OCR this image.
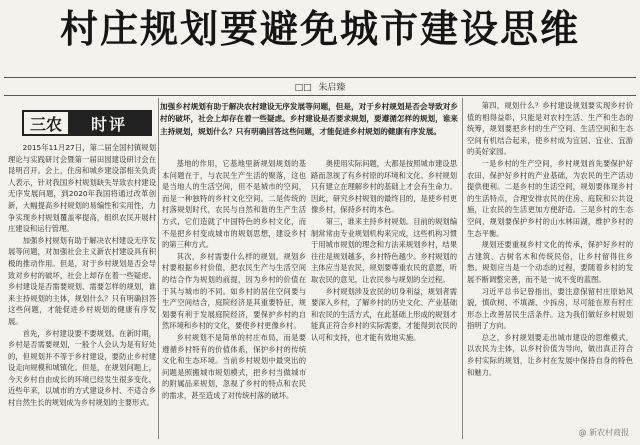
村庄规划要避免城市建设思维
□□ 朱启臻
三农	时评
加强乡村规划有助于解决农村建设无序发展等问题，但是，对于乡村规划是否会导致对乡村的破坏，社会上却存在着一些疑虑。乡村建设是否要求规划，要遵循怎样的规划，谁来主持规划，规划什么？只有明确回答这些问题，才能促进乡村规划的健康有序发展。

2015年11月27日，第二届全国村镇规划理论与实践研讨会暨第一届田园建设研讨会在昆明召开。会上，住房和城乡建设部相关负责人表示，针对我国乡村规划缺失导致农村建设无序发展问题，到2020年我国将通过改革创新，大幅提高乡村规划的易编性和实用性，力争实现乡村规划覆盖率提高，组织农民开展村庄建设和运行管理。

加强乡村规划有助于解决农村建设无序发展等问题，对加强社会主义新农村建设具有积极的推动作用。但是，对于乡村规划是否会导致对乡村的破坏，社会上却存在着一些疑虑。乡村建设是否需要规划、需要怎样的规划，谁来主持规划的主体，规划什么？只有明确回答这些问题，才能促进乡村规划的健康有序发展。

首先，乡村建设要不要规划。在新时期，乡村是否需要规划，一般个人会认为是有好处的，但规划并不等于乡村建设，要防止乡村建设走向规模和城镇化。但是，在规划问题上，今天乡村自由成长的环境已经发生很多变化，近些年来，以城市的方式建设乡村、不适合乡村自然生长的规划成为乡村规划的主要形式。

基地的作用，它基地里新规划规划的基本问题在于，与农民生产生活的聚落，这也是当地人的生活空间，但不是城市的空间，而是一种独特的乡村文化空间。二是传统的村落规划时代，农民与自然和谐的生产生活方式，它们造就了中国特色的乡村文化，而不是把乡村变成城市的规划思想，建设乡村的第三种方式。

其次，乡村需要什么样的规划。规划乡村要根据乡村价值，把农民生产与生活空间的结合作为规划的前提，因为乡村的价值在于其与城市的不同。如乡村的居住空间要与生产空间结合，庭院经济是其重要特征，规划要有利于发展庭院经济，要保护乡村的自然环境和乡村的文化，要使乡村更像乡村。

乡村规划不是简单的村庄布局，而是要遵循乡村特有的价值体系，保护乡村的传统文化和生态环境。当前乡村规划中最突出的问题是照搬城市规划模式，把乡村当做城市的附属品来规划，忽视了乡村的特点和农民的需求，甚至造成了对传统村落的破坏。

奥使用实际问题，大都是按照城市建设思路而忽视了有乡村原的环境和文化。乡村规划只有建立在理解乡村的基础上才会有生命力。因此，研究乡村规划的最终目的，是使乡村更像乡村，保持乡村的本色。

第三，谁来主持乡村规划。目前的规划编制常常由专业规划机构来完成，这些机构习惯于用城市规划的理念和方法来规划乡村，结果往往是规划越多，乡村特色越少。乡村规划的主体应当是农民，规划要尊重农民的意愿，听取农民的意见，让农民参与规划的全过程。

乡村规划涉及农民的切身利益，规划者需要深入乡村，了解乡村的历史文化、产业基础和农民的生活方式，在此基础上形成的规划才能真正符合乡村的实际需要，才能得到农民的认可和支持，也才能有效地实施。

第四，规划什么？乡村建设规划要实现乡村价值的相得益彰，只能是对农村生活、生产和生态的统筹，规划要把乡村的生产空间、生活空间和生态空间有机结合起来，使乡村成为宜居、宜业、宜游的美好家园。

一是乡村的生产空间，乡村规划首先要保护好农田，保护好乡村的产业基础，为农民的生产活动提供便利。二是乡村的生活空间，规划要体现乡村的生活特点，合理安排农民的住房、庭院和公共设施，让农民的生活更加方便舒适。三是乡村的生态空间，规划要保护乡村的山水林田湖，维护乡村的生态平衡。

规划还要重视乡村文化的传承，保护好乡村的古建筑、古树名木和传统民俗，让乡村留得住乡愁。规划应当是一个动态的过程，要随着乡村的发展不断调整完善，而不是一成不变的蓝图。

习近平总书记曾指出，要注意保留村庄原始风貌，慎砍树、不填湖、少拆房，尽可能在原有村庄形态上改善居民生活条件。这为我们做好乡村规划指明了方向。

总之，乡村规划要走出城市建设的思维模式，以农民为主体，以乡村价值为导向，做出真正符合乡村实际的规划，让乡村在发展中保持自身的特色和魅力。

@ 新农村商报
